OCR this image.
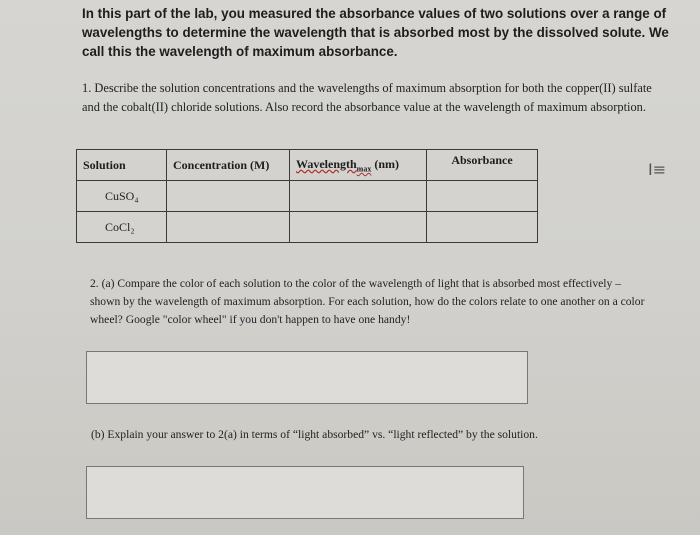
In this part of the lab, you measured the absorbance values of two solutions over a range of wavelengths to determine the wavelength that is absorbed most by the dissolved solute. We call this the wavelength of maximum absorbance.
1. Describe the solution concentrations and the wavelengths of maximum absorption for both the copper(II) sulfate and the cobalt(II) chloride solutions. Also record the absorbance value at the wavelength of maximum absorption.
Solution	Concentration (M)	Wavelength$_{max}$ (nm)	Absorbance
CuSO₄			
CoCl₂			
I≡
2. (a) Compare the color of each solution to the color of the wavelength of light that is absorbed most effectively – shown by the wavelength of maximum absorption. For each solution, how do the colors relate to one another on a color wheel? Google "color wheel" if you don't happen to have one handy!
(b) Explain your answer to 2(a) in terms of “light absorbed” vs. “light reflected” by the solution.
